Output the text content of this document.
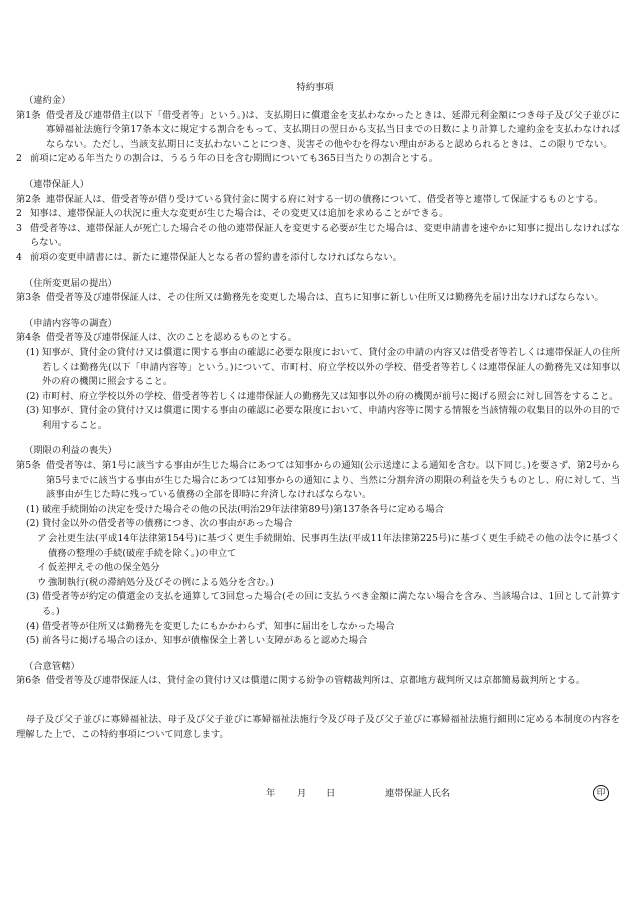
特約事項
（違約金）
第1条 借受者及び連帯借主(以下「借受者等」という。)は、支払期日に償還金を支払わなかったときは、延滞元利金額につき母子及び父子並びに寡婦福祉法施行令第17条本文に規定する割合をもって、支払期日の翌日から支払当日までの日数により計算した違約金を支払わなければならない。ただし、当該支払期日に支払わないことにつき、災害その他やむを得ない理由があると認められるときは、この限りでない。
2 前項に定める年当たりの割合は、うるう年の日を含む期間についても365日当たりの割合とする。
（連帯保証人）
第2条 連帯保証人は、借受者等が借り受けている貸付金に関する府に対する一切の債務について、借受者等と連帯して保証するものとする。
2 知事は、連帯保証人の状況に重大な変更が生じた場合は、その変更又は追加を求めることができる。
3 借受者等は、連帯保証人が死亡した場合その他の連帯保証人を変更する必要が生じた場合は、変更申請書を速やかに知事に提出しなければならない。
4 前項の変更申請書には、新たに連帯保証人となる者の誓約書を添付しなければならない。
（住所変更届の提出）
第3条 借受者等及び連帯保証人は、その住所又は勤務先を変更した場合は、直ちに知事に新しい住所又は勤務先を届け出なければならない。
（申請内容等の調査）
第4条 借受者等及び連帯保証人は、次のことを認めるものとする。
(1) 知事が、貸付金の貸付け又は償還に関する事由の確認に必要な限度において、貸付金の申請の内容又は借受者等若しくは連帯保証人の住所若しくは勤務先(以下「申請内容等」という。)について、市町村、府立学校以外の学校、借受者等若しくは連帯保証人の勤務先又は知事以外の府の機関に照会すること。
(2) 市町村、府立学校以外の学校、借受者等若しくは連帯保証人の勤務先又は知事以外の府の機関が前号に掲げる照会に対し回答をすること。
(3) 知事が、貸付金の貸付け又は償還に関する事由の確認に必要な限度において、申請内容等に関する情報を当該情報の収集目的以外の目的で利用すること。
（期限の利益の喪失）
第5条 借受者等は、第1号に該当する事由が生じた場合にあつては知事からの通知(公示送達による通知を含む。以下同じ。)を要さず、第2号から第5号までに該当する事由が生じた場合にあつては知事からの通知により、当然に分割弁済の期限の利益を失うものとし、府に対して、当該事由が生じた時に残っている債務の全部を即時に弁済しなければならない。
(1) 破産手続開始の決定を受けた場合その他の民法(明治29年法律第89号)第137条各号に定める場合
(2) 貸付金以外の借受者等の債務につき、次の事由があった場合
ア 会社更生法(平成14年法律第154号)に基づく更生手続開始、民事再生法(平成11年法律第225号)に基づく更生手続その他の法令に基づく債務の整理の手続(破産手続を除く。)の申立て
イ 仮差押えその他の保全処分
ウ 強制執行(税の滞納処分及びその例による処分を含む。)
(3) 借受者等が約定の償還金の支払を通算して3回怠った場合(その回に支払うべき金額に満たない場合を含み、当該場合は、1回として計算する。)
(4) 借受者等が住所又は勤務先を変更したにもかかわらず、知事に届出をしなかった場合
(5) 前各号に掲げる場合のほか、知事が債権保全上著しい支障があると認めた場合
（合意管轄）
第6条 借受者等及び連帯保証人は、貸付金の貸付け又は償還に関する紛争の管轄裁判所は、京都地方裁判所又は京都簡易裁判所とする。
母子及び父子並びに寡婦福祉法、母子及び父子並びに寡婦福祉法施行令及び母子及び父子並びに寡婦福祉法施行細則に定める本制度の内容を理解した上で、この特約事項について同意します。
年 月 日	連帯保証人氏名	印
